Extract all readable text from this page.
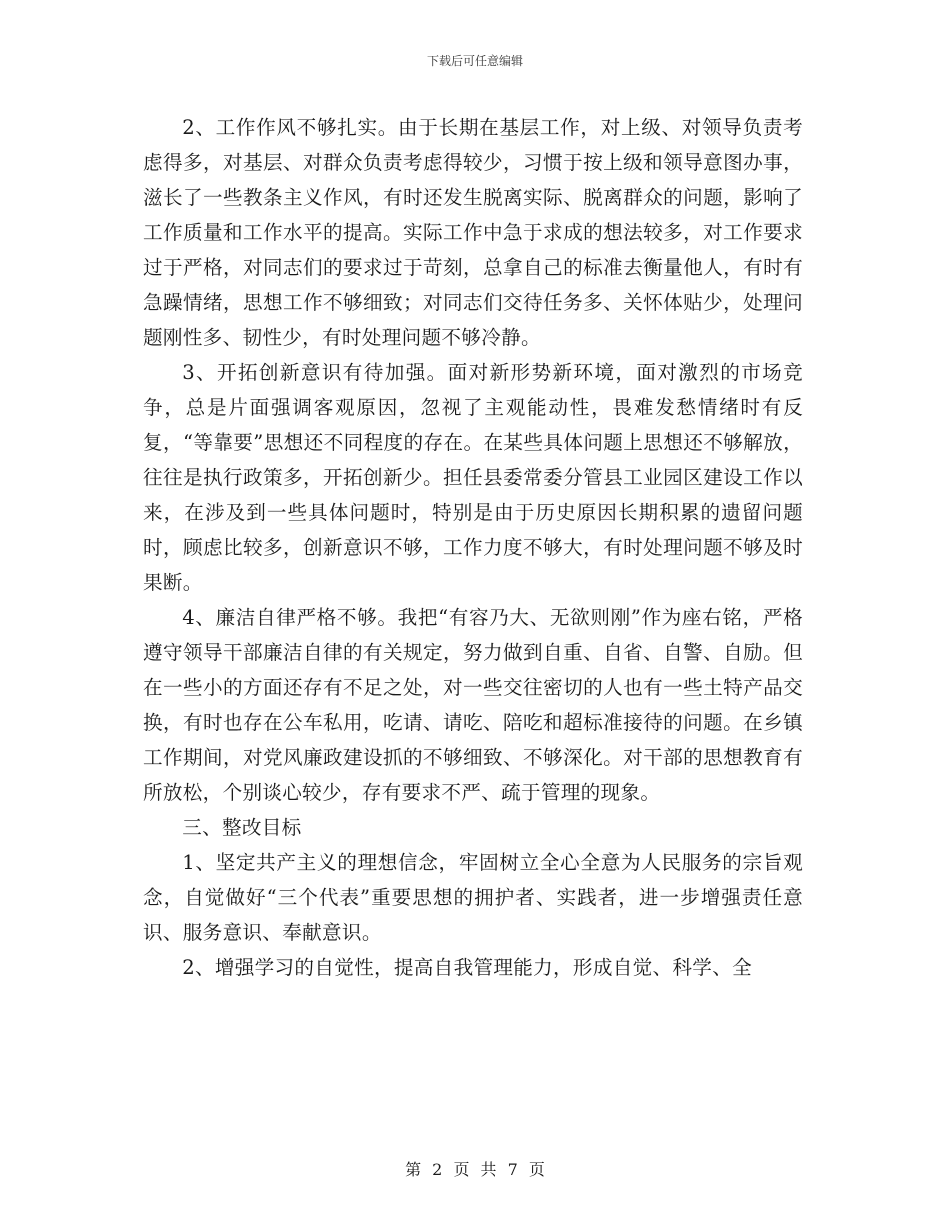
下载后可任意编辑

2、工作作风不够扎实。由于长期在基层工作，对上级、对领导负责考虑得多，对基层、对群众负责考虑得较少，习惯于按上级和领导意图办事，滋长了一些教条主义作风，有时还发生脱离实际、脱离群众的问题，影响了工作质量和工作水平的提高。实际工作中急于求成的想法较多，对工作要求过于严格，对同志们的要求过于苛刻，总拿自己的标准去衡量他人，有时有急躁情绪，思想工作不够细致；对同志们交待任务多、关怀体贴少，处理问题刚性多、韧性少，有时处理问题不够冷静。

3、开拓创新意识有待加强。面对新形势新环境，面对激烈的市场竞争，总是片面强调客观原因，忽视了主观能动性，畏难发愁情绪时有反复，“等靠要”思想还不同程度的存在。在某些具体问题上思想还不够解放，往往是执行政策多，开拓创新少。担任县委常委分管县工业园区建设工作以来，在涉及到一些具体问题时，特别是由于历史原因长期积累的遗留问题时，顾虑比较多，创新意识不够，工作力度不够大，有时处理问题不够及时果断。

4、廉洁自律严格不够。我把“有容乃大、无欲则刚”作为座右铭，严格遵守领导干部廉洁自律的有关规定，努力做到自重、自省、自警、自励。但在一些小的方面还存有不足之处，对一些交往密切的人也有一些土特产品交换，有时也存在公车私用，吃请、请吃、陪吃和超标准接待的问题。在乡镇工作期间，对党风廉政建设抓的不够细致、不够深化。对干部的思想教育有所放松，个别谈心较少，存有要求不严、疏于管理的现象。

三、整改目标

1、坚定共产主义的理想信念，牢固树立全心全意为人民服务的宗旨观念，自觉做好“三个代表”重要思想的拥护者、实践者，进一步增强责任意识、服务意识、奉献意识。

2、增强学习的自觉性，提高自我管理能力，形成自觉、科学、全

第 2 页 共 7 页
